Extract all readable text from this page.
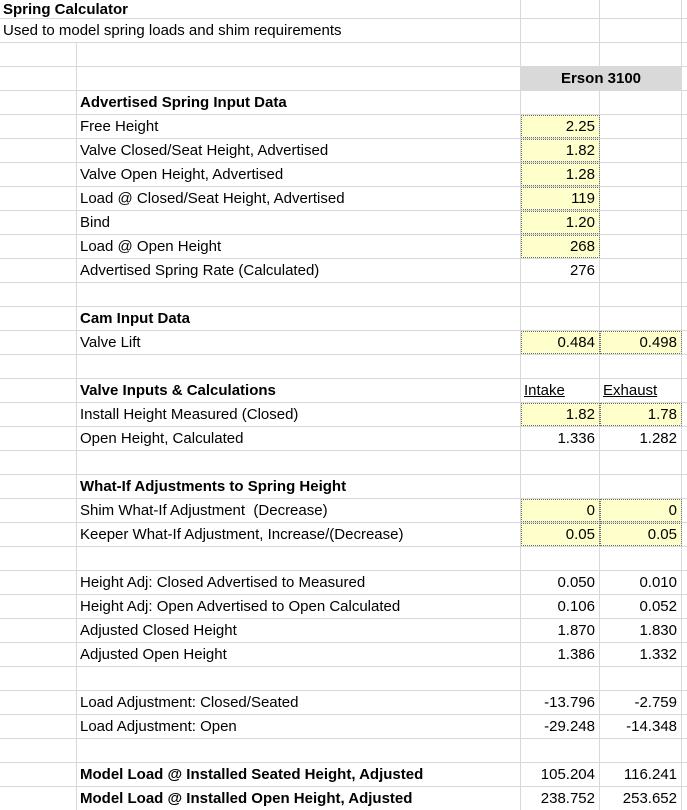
Spring Calculator
Used to model spring loads and shim requirements
Erson 3100
Advertised Spring Input Data
Free Height	2.25
Valve Closed/Seat Height, Advertised	1.82
Valve Open Height, Advertised	1.28
Load @ Closed/Seat Height, Advertised	119
Bind	1.20
Load @ Open Height	268
Advertised Spring Rate (Calculated)	276
Cam Input Data
Valve Lift	0.484	0.498
Valve Inputs & Calculations	Intake	Exhaust
Install Height Measured (Closed)	1.82	1.78
Open Height, Calculated	1.336	1.282
What-If Adjustments to Spring Height
Shim What-If Adjustment  (Decrease)	0	0
Keeper What-If Adjustment, Increase/(Decrease)	0.05	0.05
Height Adj: Closed Advertised to Measured	0.050	0.010
Height Adj: Open Advertised to Open Calculated	0.106	0.052
Adjusted Closed Height	1.870	1.830
Adjusted Open Height	1.386	1.332
Load Adjustment: Closed/Seated	-13.796	-2.759
Load Adjustment: Open	-29.248	-14.348
Model Load @ Installed Seated Height, Adjusted	105.204	116.241
Model Load @ Installed Open Height, Adjusted	238.752	253.652
